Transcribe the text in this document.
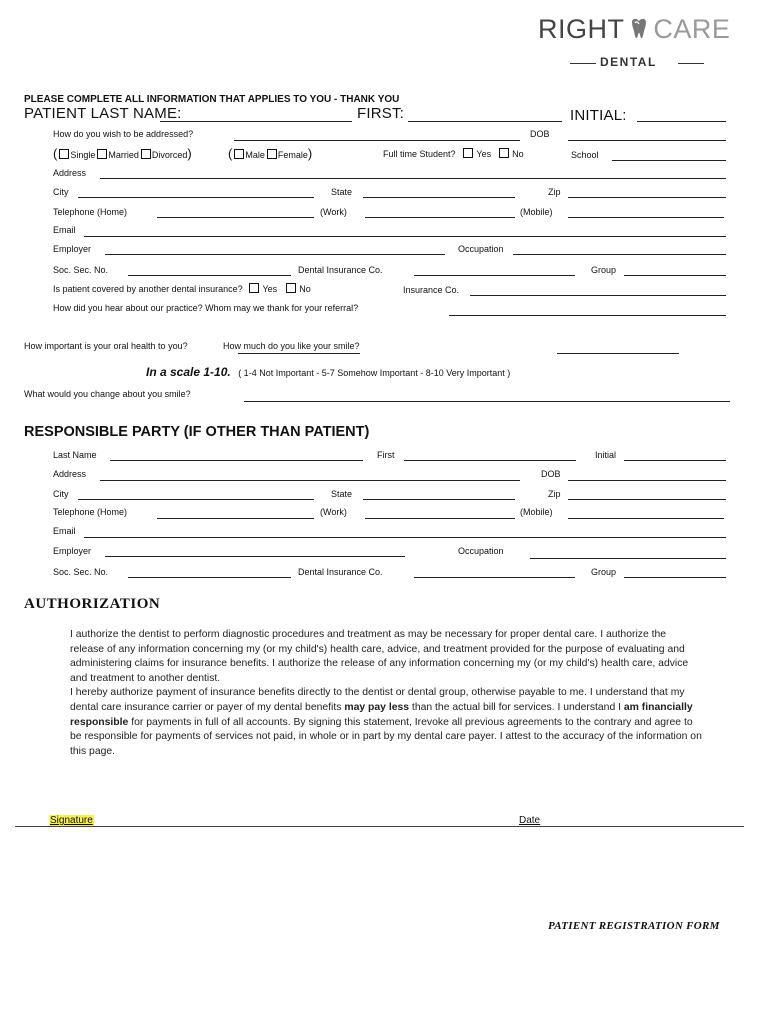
RIGHT CARE
DENTAL
PLEASE COMPLETE ALL INFORMATION THAT APPLIES TO YOU - THANK YOU
PATIENT LAST NAME:	FIRST:	INITIAL:
How do you wish to be addressed?	DOB
( Single Married Divorced)	( Male Female)	Full time Student? Yes No	School
Address
City	State	Zip
Telephone (Home)	(Work)	(Mobile)
Email
Employer	Occupation
Soc. Sec. No.	Dental Insurance Co.	Group
Is patient covered by another dental insurance? Yes No	Insurance Co.
How did you hear about our practice? Whom may we thank for your referral?
How important is your oral health to you?	How much do you like your smile?
In a scale 1-10. ( 1-4 Not Important - 5-7 Somehow Important - 8-10 Very Important )
What would you change about you smile?
RESPONSIBLE PARTY (IF OTHER THAN PATIENT)
Last Name	First	Initial
Address	DOB
City	State	Zip
Telephone (Home)	(Work)	(Mobile)
Email
Employer	Occupation
Soc. Sec. No.	Dental Insurance Co.	Group
AUTHORIZATION

I authorize the dentist to perform diagnostic procedures and treatment as may be necessary for proper dental care. I authorize the release of any information concerning my (or my child's) health care, advice, and treatment provided for the purpose of evaluating and administering claims for insurance benefits. I authorize the release of any information concerning my (or my child's) health care, advice and treatment to another dentist.

I hereby authorize payment of insurance benefits directly to the dentist or dental group, otherwise payable to me. I understand that my dental care insurance carrier or payer of my dental benefits may pay less than the actual bill for services. I understand I am financially responsible for payments in full of all accounts. By signing this statement, Irevoke all previous agreements to the contrary and agree to be responsible for payments of services not paid, in whole or in part by my dental care payer. I attest to the accuracy of the information on this page.

Signature	Date
PATIENT REGISTRATION FORM
